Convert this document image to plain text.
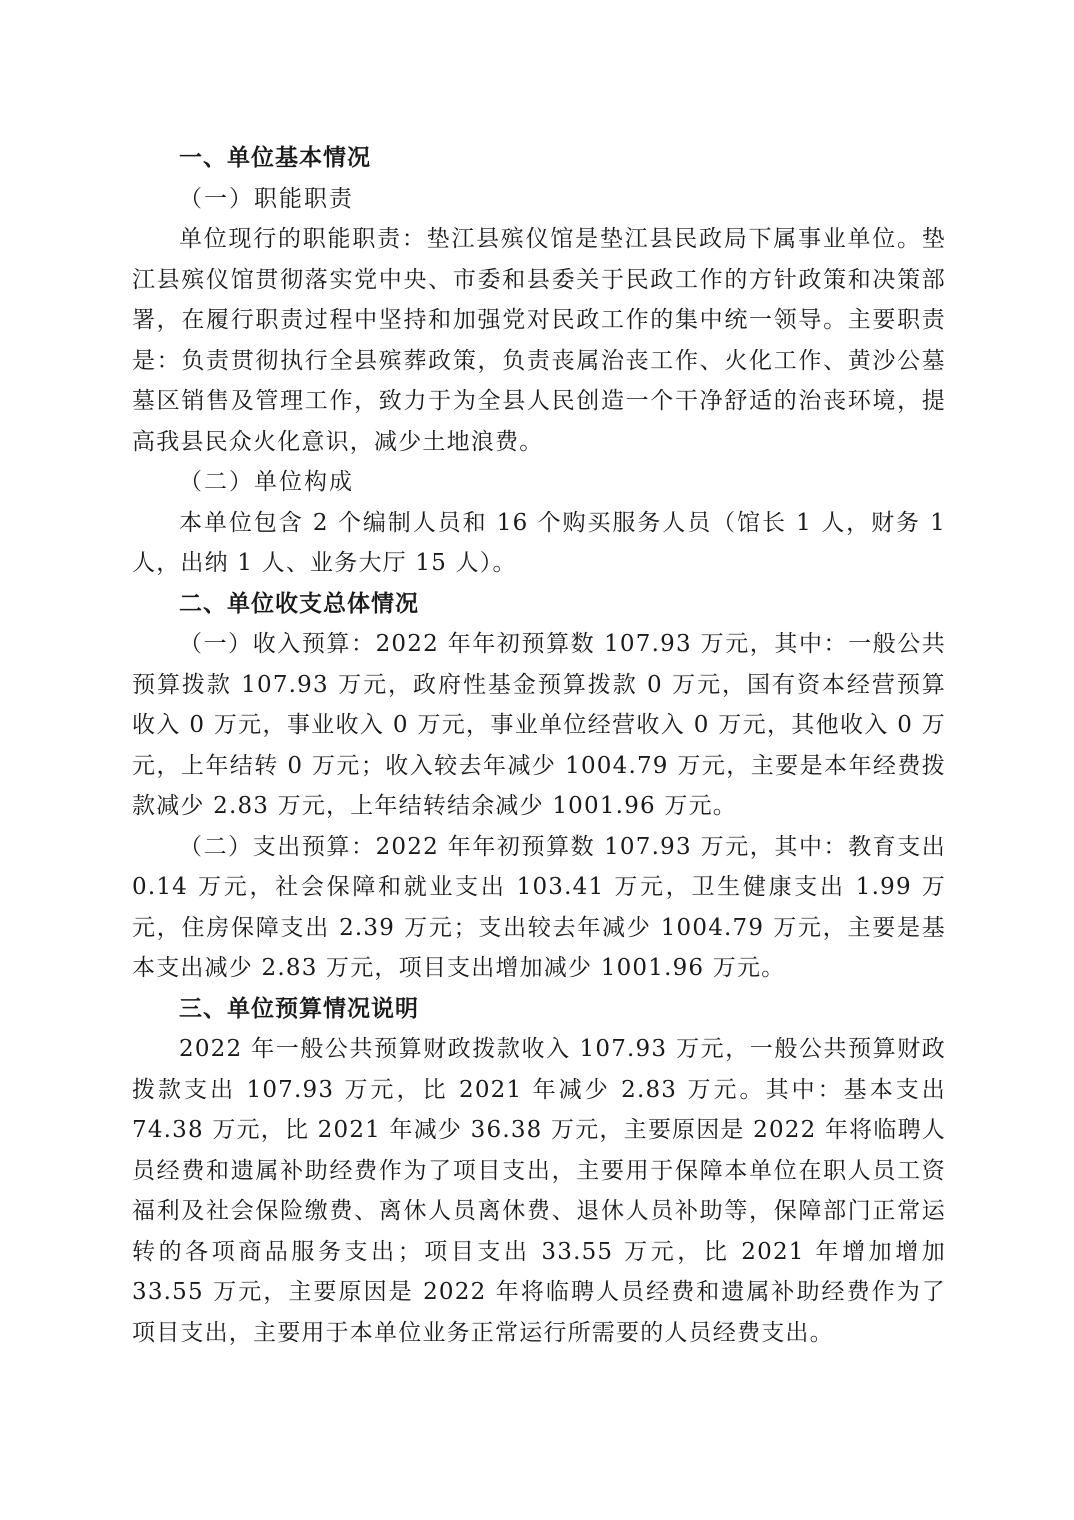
一、单位基本情况

（一）职能职责

单位现行的职能职责：垫江县殡仪馆是垫江县民政局下属事业单位。垫江县殡仪馆贯彻落实党中央、市委和县委关于民政工作的方针政策和决策部署，在履行职责过程中坚持和加强党对民政工作的集中统一领导。主要职责是：负责贯彻执行全县殡葬政策，负责丧属治丧工作、火化工作、黄沙公墓墓区销售及管理工作，致力于为全县人民创造一个干净舒适的治丧环境，提高我县民众火化意识，减少土地浪费。

（二）单位构成

本单位包含 2 个编制人员和 16 个购买服务人员（馆长 1 人，财务 1 人，出纳 1 人、业务大厅 15 人）。

二、单位收支总体情况

（一）收入预算：2022 年年初预算数 107.93 万元，其中：一般公共预算拨款 107.93 万元，政府性基金预算拨款 0 万元，国有资本经营预算收入 0 万元，事业收入 0 万元，事业单位经营收入 0 万元，其他收入 0 万元，上年结转 0 万元；收入较去年减少 1004.79 万元，主要是本年经费拨款减少 2.83 万元，上年结转结余减少 1001.96 万元。

（二）支出预算：2022 年年初预算数 107.93 万元，其中：教育支出 0.14 万元，社会保障和就业支出 103.41 万元，卫生健康支出 1.99 万元，住房保障支出 2.39 万元；支出较去年减少 1004.79 万元，主要是基本支出减少 2.83 万元，项目支出增加减少 1001.96 万元。

三、单位预算情况说明

2022 年一般公共预算财政拨款收入 107.93 万元，一般公共预算财政拨款支出 107.93 万元，比 2021 年减少 2.83 万元。其中：基本支出 74.38 万元，比 2021 年减少 36.38 万元，主要原因是 2022 年将临聘人员经费和遗属补助经费作为了项目支出，主要用于保障本单位在职人员工资福利及社会保险缴费、离休人员离休费、退休人员补助等，保障部门正常运转的各项商品服务支出；项目支出 33.55 万元，比 2021 年增加增加 33.55 万元，主要原因是 2022 年将临聘人员经费和遗属补助经费作为了项目支出，主要用于本单位业务正常运行所需要的人员经费支出。
